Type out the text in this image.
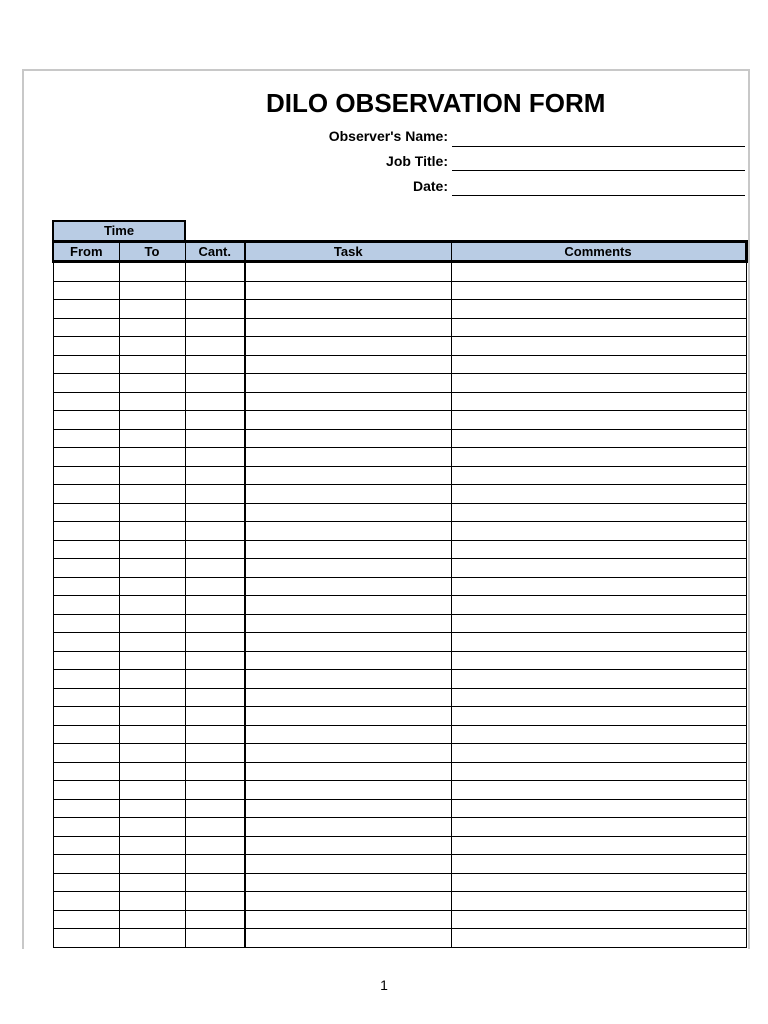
DILO OBSERVATION FORM
Observer's Name:
Job Title:
Date:
Time
From	To	Cant.	Task	Comments

1
